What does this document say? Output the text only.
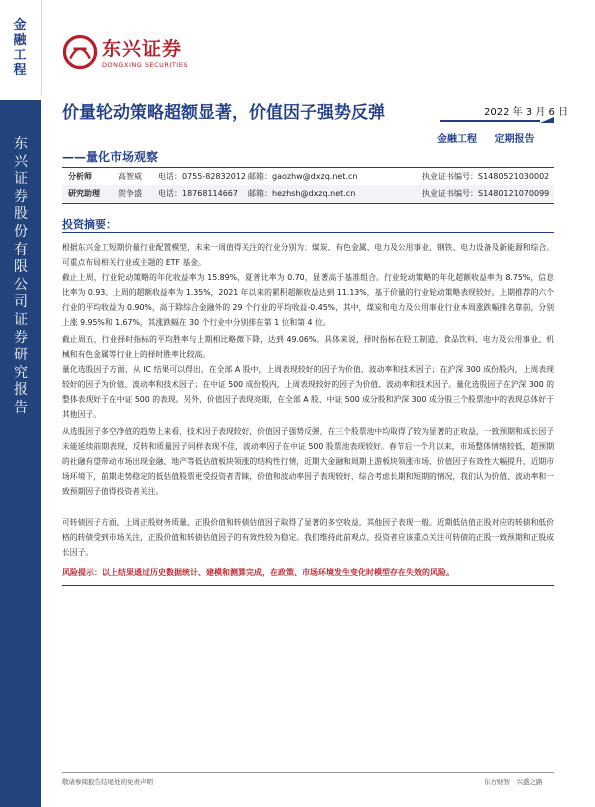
金融工程
东兴证券股份有限公司证券研究报告
东兴证券
DONGXING SECURITIES
价量轮动策略超额显著，价值因子强势反弹
——量化市场观察
2022 年 3 月 6 日
金融工程 定期报告
分析师	高智威 电话：0755-82832012 邮箱：gaozhw@dxzq.net.cn	执业证书编号：S1480521030002
研究助理 贺争盛 电话：18768114667 邮箱：hezhsh@dxzq.net.cn	执业证书编号：S1480121070099
投资摘要：
根据东兴金工短期价量行业配置模型，未来一周值得关注的行业分别为：煤炭、有色金属、电力及公用事业、钢铁、电力设备及新能源和综合。可重点布局相关行业或主题的 ETF 基金。
截止上周，行业轮动策略的年化收益率为 15.89%，夏普比率为 0.70，显著高于基准组合。行业轮动策略的年化超额收益率为 8.75%，信息比率为 0.93。上周的超额收益率为 1.35%，2021 年以来的累积超额收益达到 11.13%，基于价量的行业轮动策略表现较好。上期推荐的六个行业的平均收益为 0.90%，高于除综合金融外的 29 个行业的平均收益-0.45%，其中，煤炭和电力及公用事业行业本周涨跌幅排名靠前，分别上涨 9.95%和 1.67%，其涨跌幅在 30 个行业中分别排在第 1 位和第 4 位。
截止周五，行业择时指标的平均胜率与上期相比略微下降，达到 49.06%。具体来说，择时指标在轻工制造、食品饮料、电力及公用事业、机械和有色金属等行业上的择时胜率比较高。
量化选股因子方面，从 IC 结果可以得出，在全部 A 股中，上周表现较好的因子为价值、波动率和技术因子；在沪深 300 成份股内，上周表现较好的因子为价值、波动率和技术因子；在中证 500 成份股内，上周表现较好的因子为价值、波动率和技术因子。量化选股因子在沪深 300 的整体表现好于在中证 500 的表现。另外，价值因子表现亮眼，在全部 A 股、中证 500 成分股和沪深 300 成分股三个股票池中的表现总体好于其他因子。
从选股因子多空净值的趋势上来看，技术因子表现较好，价值因子强势反弹，在三个股票池中均取得了较为显著的正收益，一致预期和成长因子未能延续前期表现，反转和质量因子同样表现不佳，波动率因子在中证 500 股票池表现较好。春节后一个月以来，市场整体情绪较低，超预期的社融有望带动市场出现金融、地产等低估值板块领涨的结构性行情，近期大金融和周期上游板块领涨市场，价值因子有效性大幅提升，近期市场环境下，前期走势稳定的低估值股票更受投资者青睐，价值和波动率因子表现较好，综合考虑长期和短期的情况，我们认为价值、波动率和一致预期因子值得投资者关注。
可转债因子方面，上周正股财务质量、正股价值和转债估值因子取得了显著的多空收益，其他因子表现一般。近期低估值正股对应的转债和低价格的转债受到市场关注，正股价值和转债估值因子的有效性较为稳定。我们维持此前观点，投资者应该重点关注可转债的正股一致预期和正股成长因子。
风险提示：以上结果通过历史数据统计、建模和测算完成，在政策、市场环境发生变化时模型存在失效的风险。
敬请参阅报告结尾处的免责声明	东方财智　兴盛之路
